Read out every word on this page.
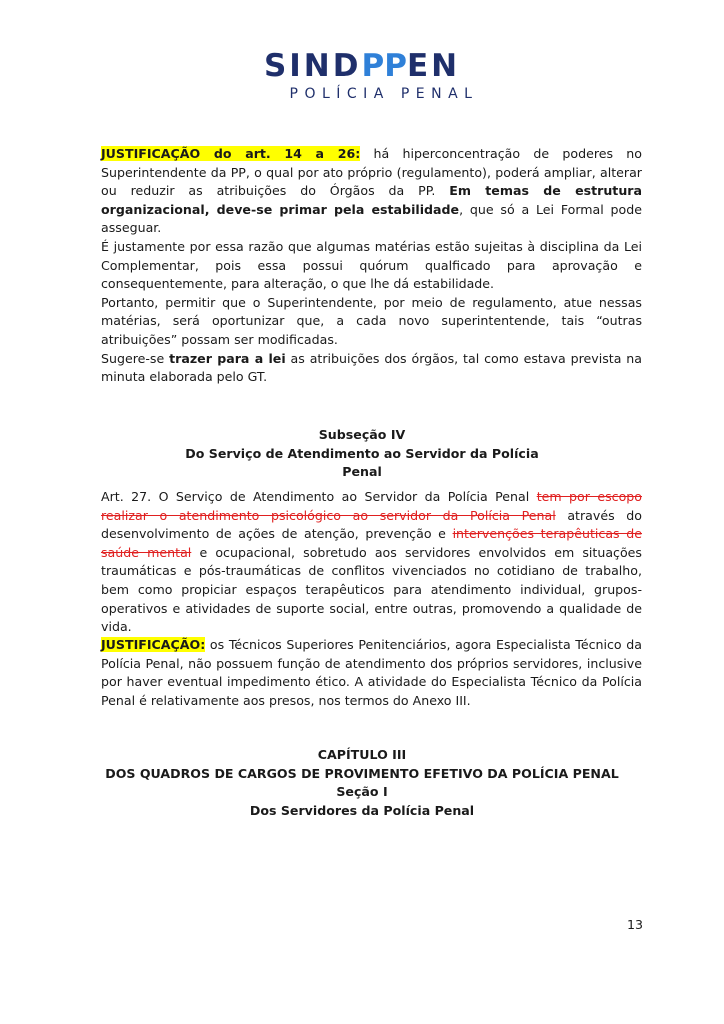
SINDPPEN
POLÍCIA PENAL

JUSTIFICAÇÃO do art. 14 a 26: há hiperconcentração de poderes no Superintendente da PP, o qual por ato próprio (regulamento), poderá ampliar, alterar ou reduzir as atribuições do Órgãos da PP. Em temas de estrutura organizacional, deve-se primar pela estabilidade, que só a Lei Formal pode asseguar.

É justamente por essa razão que algumas matérias estão sujeitas à disciplina da Lei Complementar, pois essa possui quórum qualficado para aprovação e consequentemente, para alteração, o que lhe dá estabilidade.

Portanto, permitir que o Superintendente, por meio de regulamento, atue nessas matérias, será oportunizar que, a cada novo superintentende, tais “outras atribuições” possam ser modificadas.

Sugere-se trazer para a lei as atribuições dos órgãos, tal como estava prevista na minuta elaborada pelo GT.

Subseção IV
Do Serviço de Atendimento ao Servidor da Polícia
Penal

Art. 27. O Serviço de Atendimento ao Servidor da Polícia Penal tem por escopo realizar o atendimento psicológico ao servidor da Polícia Penal através do desenvolvimento de ações de atenção, prevenção e intervenções terapêuticas de saúde mental e ocupacional, sobretudo aos servidores envolvidos em situações traumáticas e pós-traumáticas de conflitos vivenciados no cotidiano de trabalho, bem como propiciar espaços terapêuticos para atendimento individual, grupos-operativos e atividades de suporte social, entre outras, promovendo a qualidade de vida.

JUSTIFICAÇÃO: os Técnicos Superiores Penitenciários, agora Especialista Técnico da Polícia Penal, não possuem função de atendimento dos próprios servidores, inclusive por haver eventual impedimento ético. A atividade do Especialista Técnico da Polícia Penal é relativamente aos presos, nos termos do Anexo III.

CAPÍTULO III
DOS QUADROS DE CARGOS DE PROVIMENTO EFETIVO DA POLÍCIA PENAL
Seção I
Dos Servidores da Polícia Penal
13
